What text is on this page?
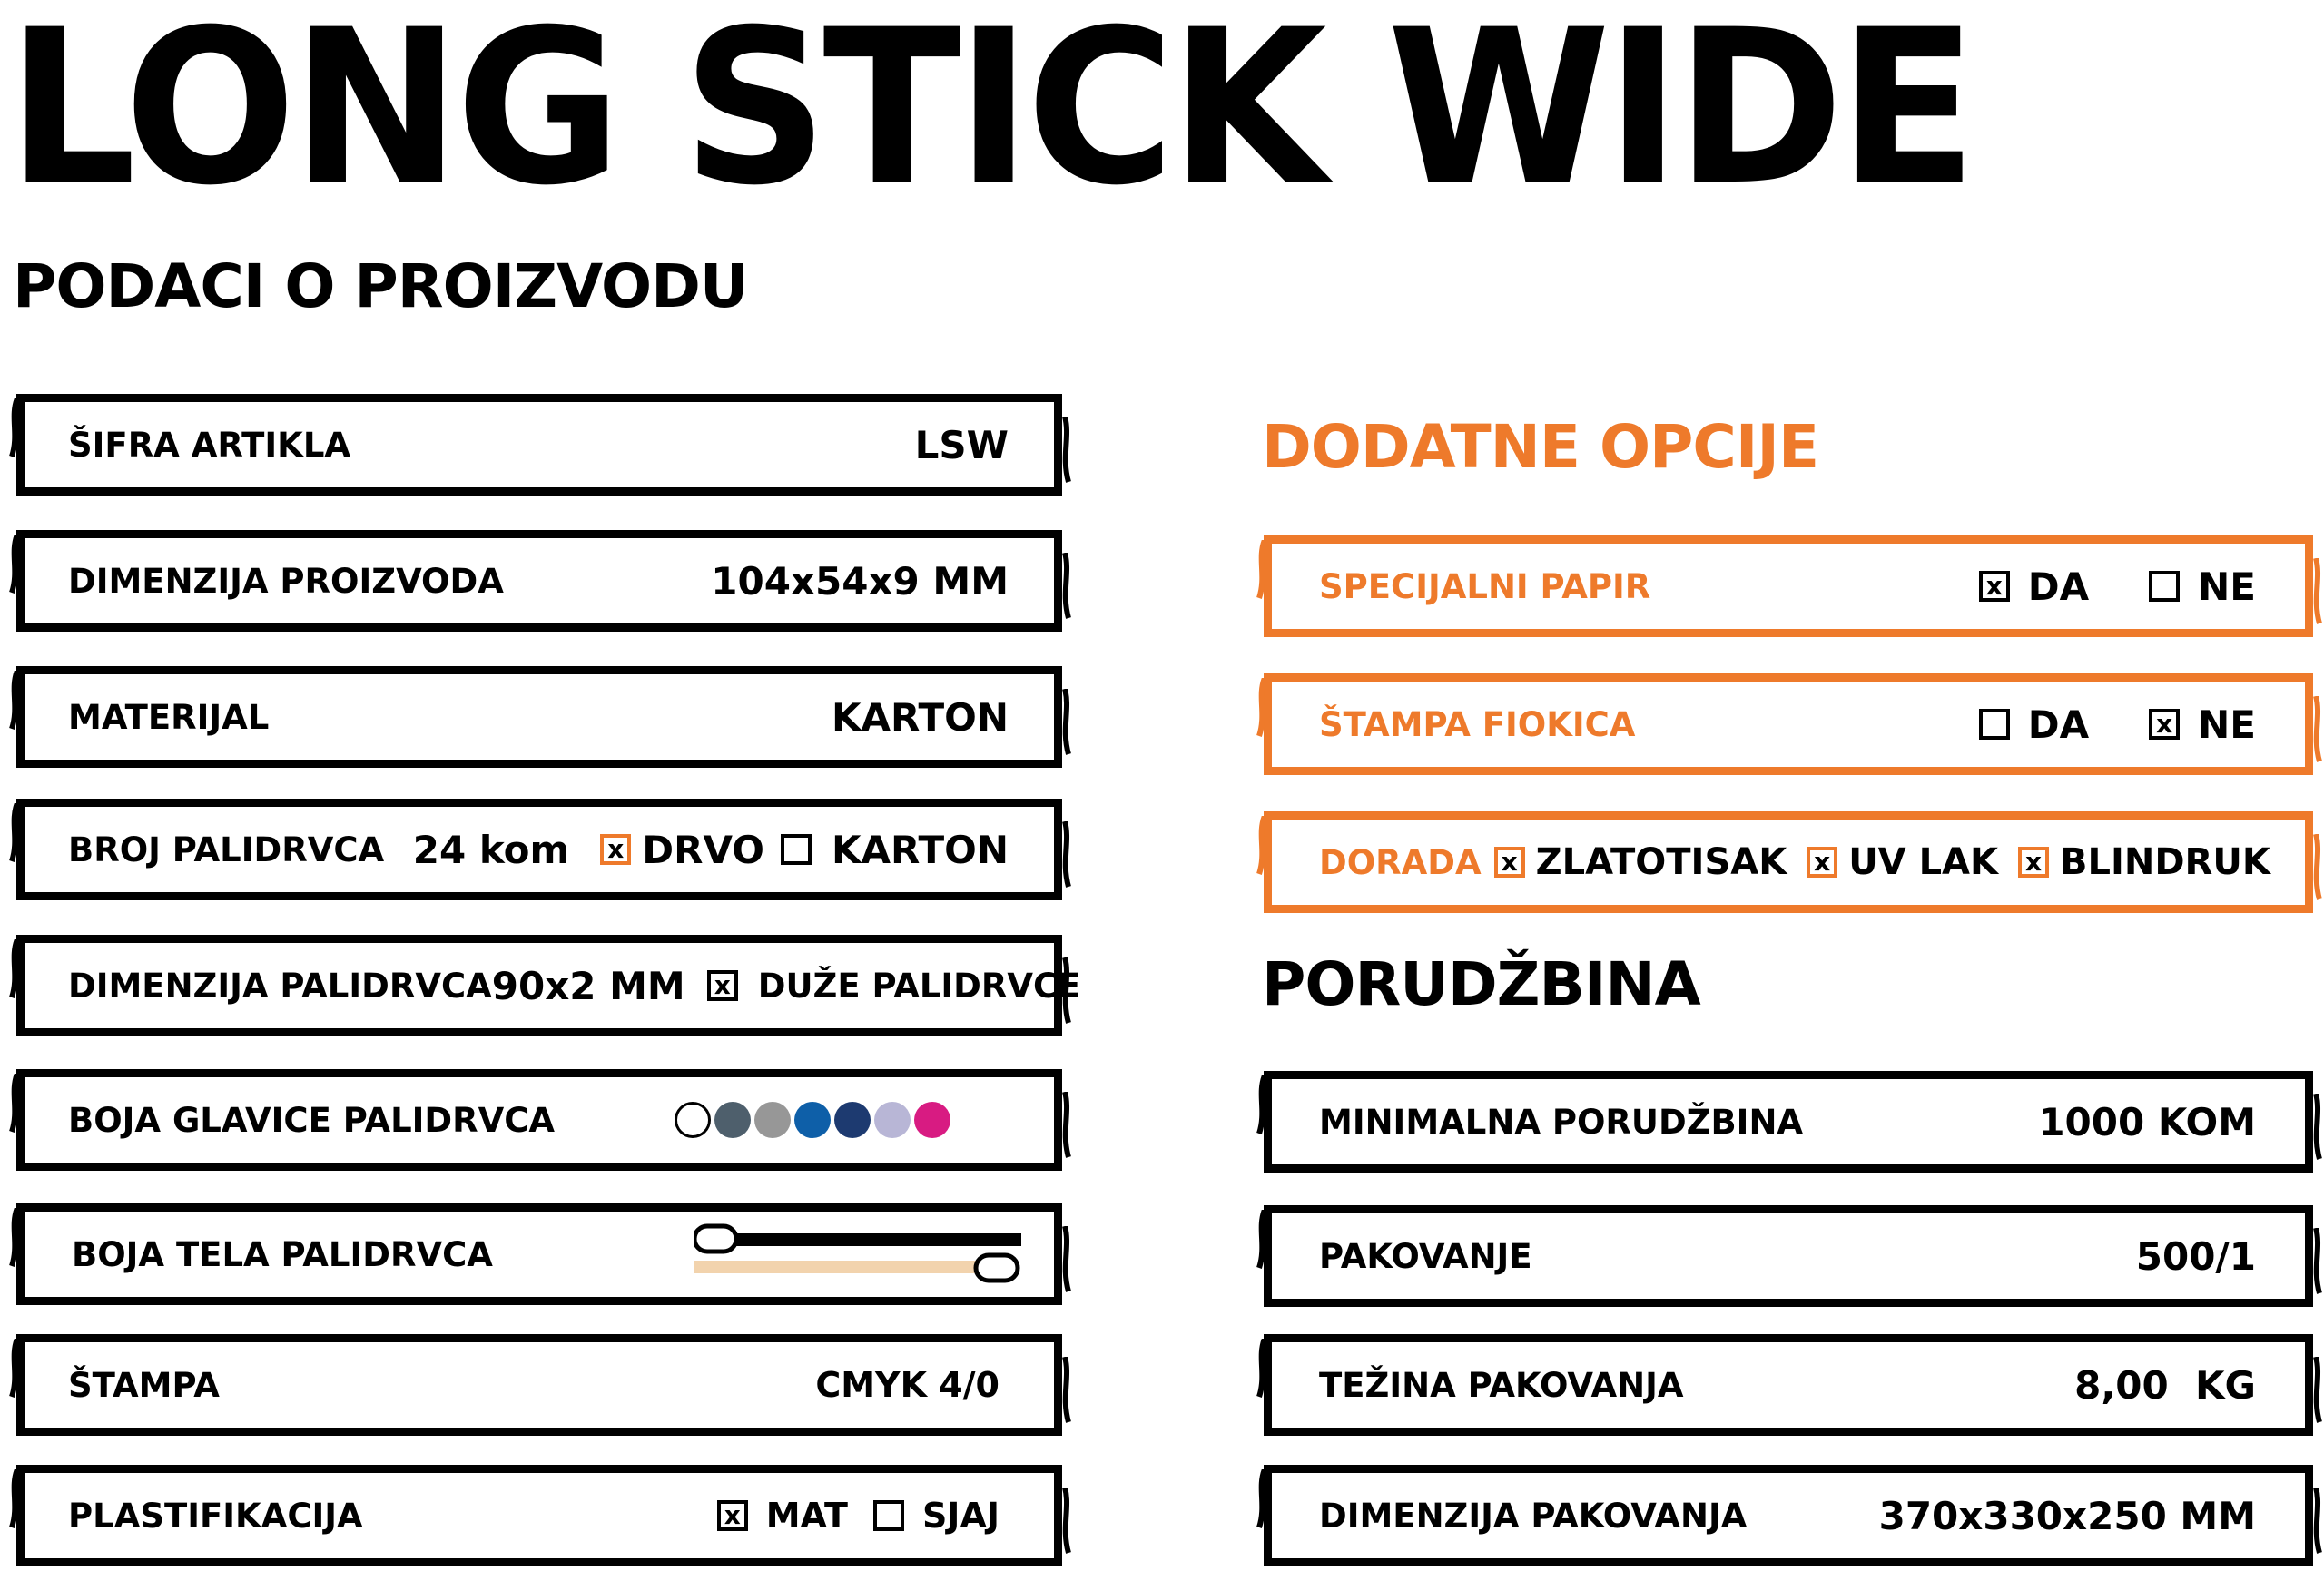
LONG STICK WIDE
PODACI O PROIZVODU
ŠIFRA ARTIKLA	LSW
DIMENZIJA PROIZVODA	104x54x9 MM
MATERIJAL	KARTON
BROJ PALIDRVCA 24 kom x DRVO KARTON
DIMENZIJA PALIDRVCA 90x2 MM x DUŽE PALIDRVCE
BOJA GLAVICE PALIDRVCA
BOJA TELA PALIDRVCA
ŠTAMPA	CMYK 4/0
PLASTIFIKACIJA	x MAT SJAJ
DODATNE OPCIJE
SPECIJALNI PAPIR	x DA	NE
ŠTAMPA FIOKICA	DA	x NE
DORADA x ZLATOTISAK x UV LAK x BLINDRUK
PORUDŽBINA
MINIMALNA PORUDŽBINA	1000 KOM
PAKOVANJE	500/1
TEŽINA PAKOVANJA	8,00  KG
DIMENZIJA PAKOVANJA	370x330x250 MM
